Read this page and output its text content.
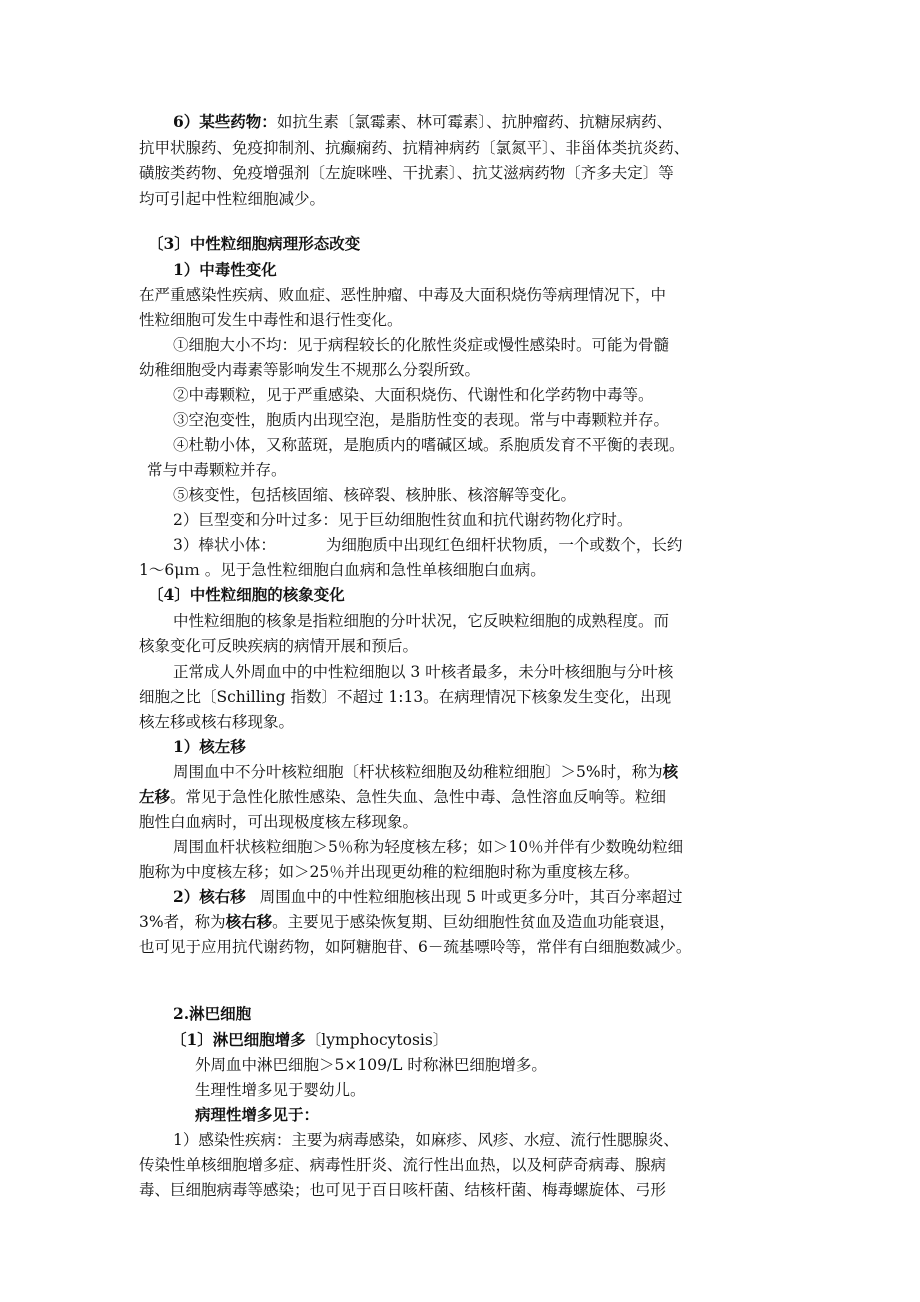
6）某些药物：如抗生素〔氯霉素、林可霉素〕、抗肿瘤药、抗糖尿病药、
抗甲状腺药、免疫抑制剂、抗癫痫药、抗精神病药〔氯氮平〕、非甾体类抗炎药、
磺胺类药物、免疫增强剂〔左旋咪唑、干扰素〕、抗艾滋病药物〔齐多夫定〕等
均可引起中性粒细胞减少。
〔3〕中性粒细胞病理形态改变
1）中毒性变化
在严重感染性疾病、败血症、恶性肿瘤、中毒及大面积烧伤等病理情况下，中
性粒细胞可发生中毒性和退行性变化。
①细胞大小不均：见于病程较长的化脓性炎症或慢性感染时。可能为骨髓
幼稚细胞受内毒素等影响发生不规那么分裂所致。
②中毒颗粒，见于严重感染、大面积烧伤、代谢性和化学药物中毒等。
③空泡变性，胞质内出现空泡，是脂肪性变的表现。常与中毒颗粒并存。
④杜勒小体，又称蓝斑，是胞质内的嗜碱区域。系胞质发育不平衡的表现。
常与中毒颗粒并存。
⑤核变性，包括核固缩、核碎裂、核肿胀、核溶解等变化。
2）巨型变和分叶过多：见于巨幼细胞性贫血和抗代谢药物化疗时。
3）棒状小体：	为细胞质中出现红色细杆状物质，一个或数个，长约
1～6μｍ 。见于急性粒细胞白血病和急性单核细胞白血病。
〔4〕中性粒细胞的核象变化
中性粒细胞的核象是指粒细胞的分叶状况，它反映粒细胞的成熟程度。而
核象变化可反映疾病的病情开展和预后。
正常成人外周血中的中性粒细胞以 3 叶核者最多，未分叶核细胞与分叶核
细胞之比〔Schilling 指数〕不超过 1:13。在病理情况下核象发生变化，出现
核左移或核右移现象。
1）核左移
周围血中不分叶核粒细胞〔杆状核粒细胞及幼稚粒细胞〕＞5%时，称为核
左移。常见于急性化脓性感染、急性失血、急性中毒、急性溶血反响等。粒细
胞性白血病时，可出现极度核左移现象。
周围血杆状核粒细胞＞5％称为轻度核左移；如＞10％并伴有少数晚幼粒细
胞称为中度核左移；如＞25％并出现更幼稚的粒细胞时称为重度核左移。
2）核右移 周围血中的中性粒细胞核出现 5 叶或更多分叶，其百分率超过
3%者，称为核右移。主要见于感染恢复期、巨幼细胞性贫血及造血功能衰退，
也可见于应用抗代谢药物，如阿糖胞苷、6－巯基嘌呤等，常伴有白细胞数减少。
2.淋巴细胞
〔1〕淋巴细胞增多〔lymphocytosis〕
外周血中淋巴细胞＞5×109/L 时称淋巴细胞增多。
生理性增多见于婴幼儿。
病理性增多见于：
1）感染性疾病：主要为病毒感染，如麻疹、风疹、水痘、流行性腮腺炎、
传染性单核细胞增多症、病毒性肝炎、流行性出血热，以及柯萨奇病毒、腺病
毒、巨细胞病毒等感染；也可见于百日咳杆菌、结核杆菌、梅毒螺旋体、弓形
